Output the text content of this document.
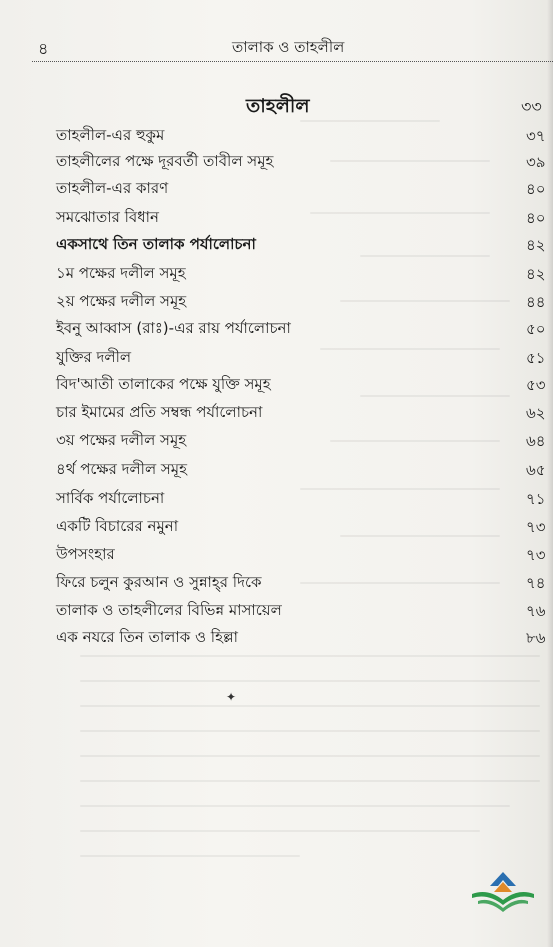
৪	তালাক ও তাহলীল
তাহলীল	৩৩
তাহলীল-এর হুকুম	৩৭
তাহলীলের পক্ষে দূরবর্তী তাবীল সমূহ	৩৯
তাহলীল-এর কারণ	৪০
সমঝোতার বিধান	৪০
একসাথে তিন তালাক পর্যালোচনা	৪২
১ম পক্ষের দলীল সমূহ	৪২
২য় পক্ষের দলীল সমূহ	৪৪
ইবনু আব্বাস (রাঃ)-এর রায় পর্যালোচনা	৫০
যুক্তির দলীল	৫১
বিদ'আতী তালাকের পক্ষে যুক্তি সমূহ	৫৩
চার ইমামের প্রতি সম্বন্ধ পর্যালোচনা	৬২
৩য় পক্ষের দলীল সমূহ	৬৪
৪র্থ পক্ষের দলীল সমূহ	৬৫
সার্বিক পর্যালোচনা	৭১
একটি বিচারের নমুনা	৭৩
উপসংহার	৭৩
ফিরে চলুন কুরআন ও সুন্নাহ্‌র দিকে	৭৪
তালাক ও তাহলীলের বিভিন্ন মাসায়েল	৭৬
এক নযরে তিন তালাক ও হিল্লা	৮৬
✦
